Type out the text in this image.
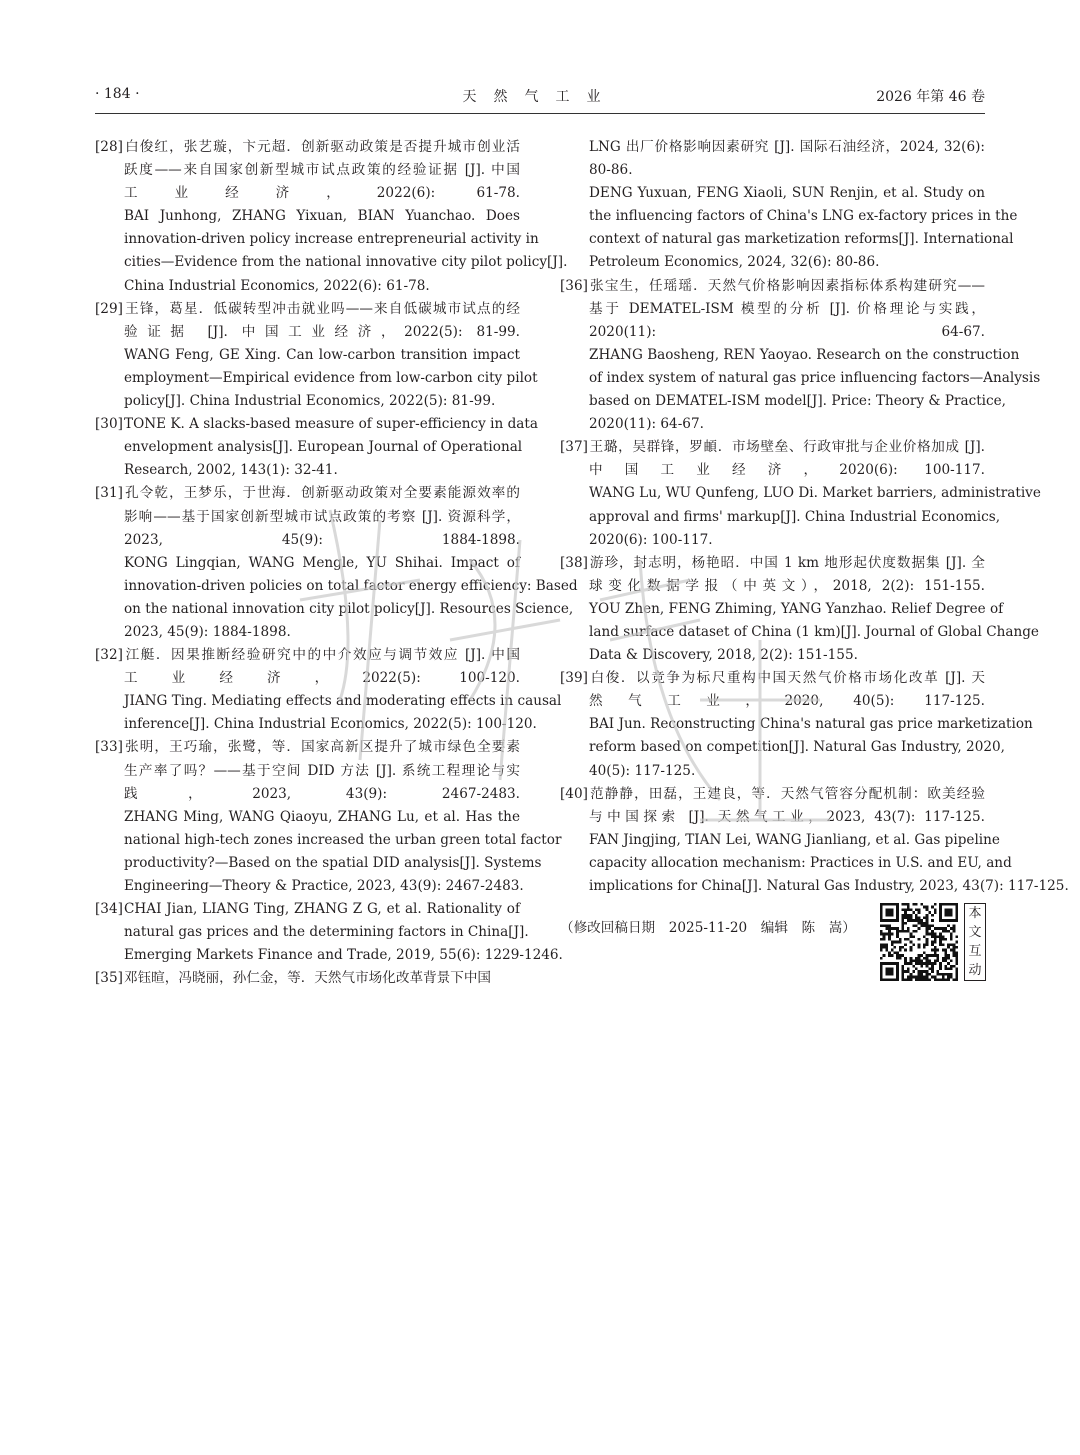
· 184 ·	天然气工业	2026 年第 46 卷
[28]白俊红，张艺璇，卞元超．创新驱动政策是否提升城市创业活
跃度——来自国家创新型城市试点政策的经验证据 [J]. 中国
工业经济，2022(6): 61-78.
BAI Junhong, ZHANG Yixuan, BIAN Yuanchao. Does
innovation-driven policy increase entrepreneurial activity in
cities—Evidence from the national innovative city pilot policy[J].
China Industrial Economics, 2022(6): 61-78.
[29]王锋，葛星．低碳转型冲击就业吗——来自低碳城市试点的经
验证据 [J]. 中国工业经济，2022(5): 81-99.
WANG Feng, GE Xing. Can low-carbon transition impact
employment—Empirical evidence from low-carbon city pilot
policy[J]. China Industrial Economics, 2022(5): 81-99.
[30]TONE K. A slacks-based measure of super-efficiency in data
envelopment analysis[J]. European Journal of Operational
Research, 2002, 143(1): 32-41.
[31]孔令乾，王梦乐，于世海．创新驱动政策对全要素能源效率的
影响——基于国家创新型城市试点政策的考察 [J]. 资源科学，
2023, 45(9): 1884-1898.
KONG Lingqian, WANG Mengle, YU Shihai. Impact of
innovation-driven policies on total factor energy efficiency: Based
on the national innovation city pilot policy[J]. Resources Science,
2023, 45(9): 1884-1898.
[32]江艇．因果推断经验研究中的中介效应与调节效应 [J]. 中国
工业经济，2022(5): 100-120.
JIANG Ting. Mediating effects and moderating effects in causal
inference[J]. China Industrial Economics, 2022(5): 100-120.
[33]张明，王巧瑜，张鹭，等．国家高新区提升了城市绿色全要素
生产率了吗？——基于空间 DID 方法 [J]. 系统工程理论与实
践，2023, 43(9): 2467-2483.
ZHANG Ming, WANG Qiaoyu, ZHANG Lu, et al. Has the
national high-tech zones increased the urban green total factor
productivity?—Based on the spatial DID analysis[J]. Systems
Engineering—Theory & Practice, 2023, 43(9): 2467-2483.
[34]CHAI Jian, LIANG Ting, ZHANG Z G, et al. Rationality of
natural gas prices and the determining factors in China[J].
Emerging Markets Finance and Trade, 2019, 55(6): 1229-1246.
[35]邓钰暄，冯晓丽，孙仁金，等．天然气市场化改革背景下中国
LNG 出厂价格影响因素研究 [J]. 国际石油经济，2024, 32(6):
80-86.
DENG Yuxuan, FENG Xiaoli, SUN Renjin, et al. Study on
the influencing factors of China's LNG ex-factory prices in the
context of natural gas marketization reforms[J]. International
Petroleum Economics, 2024, 32(6): 80-86.
[36]张宝生，任瑶瑶．天然气价格影响因素指标体系构建研究——
基于 DEMATEL-ISM 模型的分析 [J]. 价格理论与实践，
2020(11): 64-67.
ZHANG Baosheng, REN Yaoyao. Research on the construction
of index system of natural gas price influencing factors—Analysis
based on DEMATEL-ISM model[J]. Price: Theory & Practice,
2020(11): 64-67.
[37]王璐，吴群锋，罗頔．市场壁垒、行政审批与企业价格加成 [J].
中国工业经济，2020(6): 100-117.
WANG Lu, WU Qunfeng, LUO Di. Market barriers, administrative
approval and firms' markup[J]. China Industrial Economics,
2020(6): 100-117.
[38]游珍，封志明，杨艳昭．中国 1 km 地形起伏度数据集 [J]. 全
球变化数据学报（中英文），2018, 2(2): 151-155.
YOU Zhen, FENG Zhiming, YANG Yanzhao. Relief Degree of
land surface dataset of China (1 km)[J]. Journal of Global Change
Data & Discovery, 2018, 2(2): 151-155.
[39]白俊．以竞争为标尺重构中国天然气价格市场化改革 [J]. 天
然气工业，2020, 40(5): 117-125.
BAI Jun. Reconstructing China's natural gas price marketization
reform based on competition[J]. Natural Gas Industry, 2020,
40(5): 117-125.
[40]范静静，田磊，王建良，等．天然气管容分配机制：欧美经验
与中国探索 [J]. 天然气工业，2023, 43(7): 117-125.
FAN Jingjing, TIAN Lei, WANG Jianliang, et al. Gas pipeline
capacity allocation mechanism: Practices in U.S. and EU, and
implications for China[J]. Natural Gas Industry, 2023, 43(7): 117-125.
（修改回稿日期　2025-11-20　编辑　陈　嵩）
本
文
互
动
